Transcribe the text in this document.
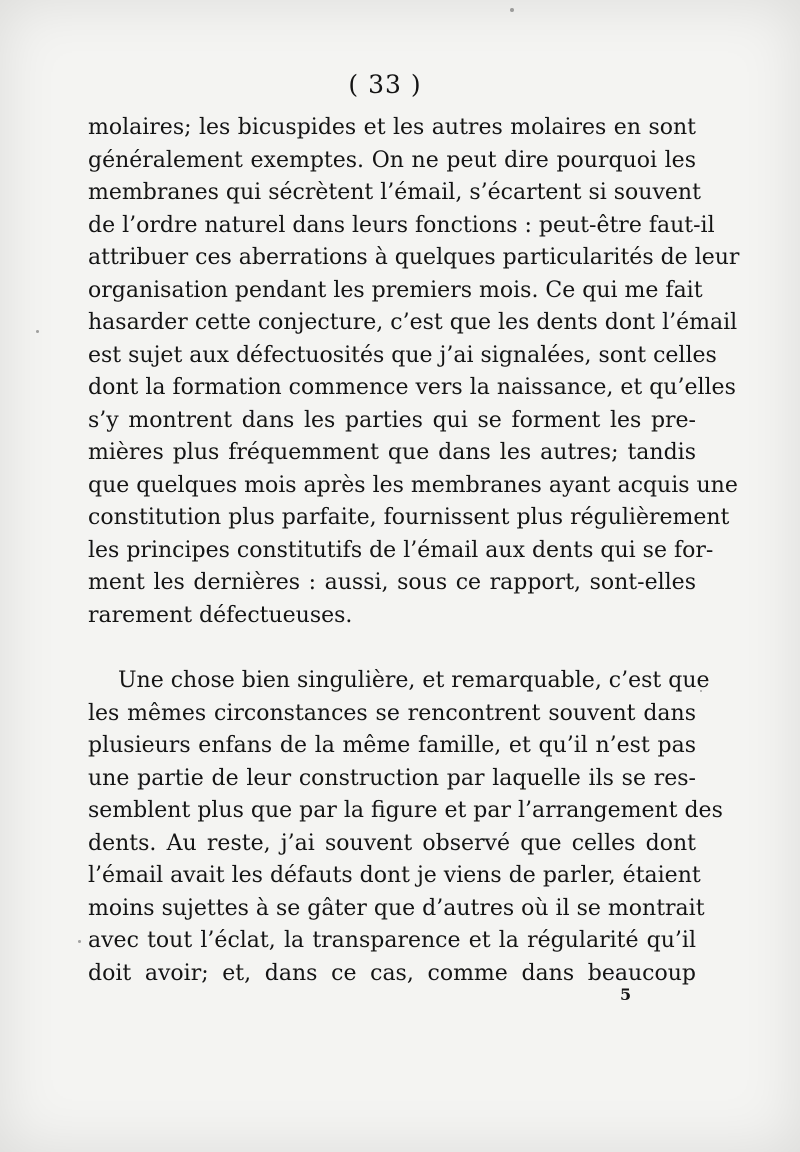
( 33 )
molaires; les bicuspides et les autres molaires en sont
généralement exemptes. On ne peut dire pourquoi les
membranes qui sécrètent l’émail, s’écartent si souvent
de l’ordre naturel dans leurs fonctions : peut-être faut-il
attribuer ces aberrations à quelques particularités de leur
organisation pendant les premiers mois. Ce qui me fait
hasarder cette conjecture, c’est que les dents dont l’émail
est sujet aux défectuosités que j’ai signalées, sont celles
dont la formation commence vers la naissance, et qu’elles
s’y montrent dans les parties qui se forment les pre-
mières plus fréquemment que dans les autres; tandis
que quelques mois après les membranes ayant acquis une
constitution plus parfaite, fournissent plus régulièrement
les principes constitutifs de l’émail aux dents qui se for-
ment les dernières : aussi, sous ce rapport, sont-elles
rarement défectueuses.
Une chose bien singulière, et remarquable, c’est que
les mêmes circonstances se rencontrent souvent dans
plusieurs enfans de la même famille, et qu’il n’est pas
une partie de leur construction par laquelle ils se res-
semblent plus que par la figure et par l’arrangement des
dents. Au reste, j’ai souvent observé que celles dont
l’émail avait les défauts dont je viens de parler, étaient
moins sujettes à se gâter que d’autres où il se montrait
avec tout l’éclat, la transparence et la régularité qu’il
doit avoir; et, dans ce cas, comme dans beaucoup
5
